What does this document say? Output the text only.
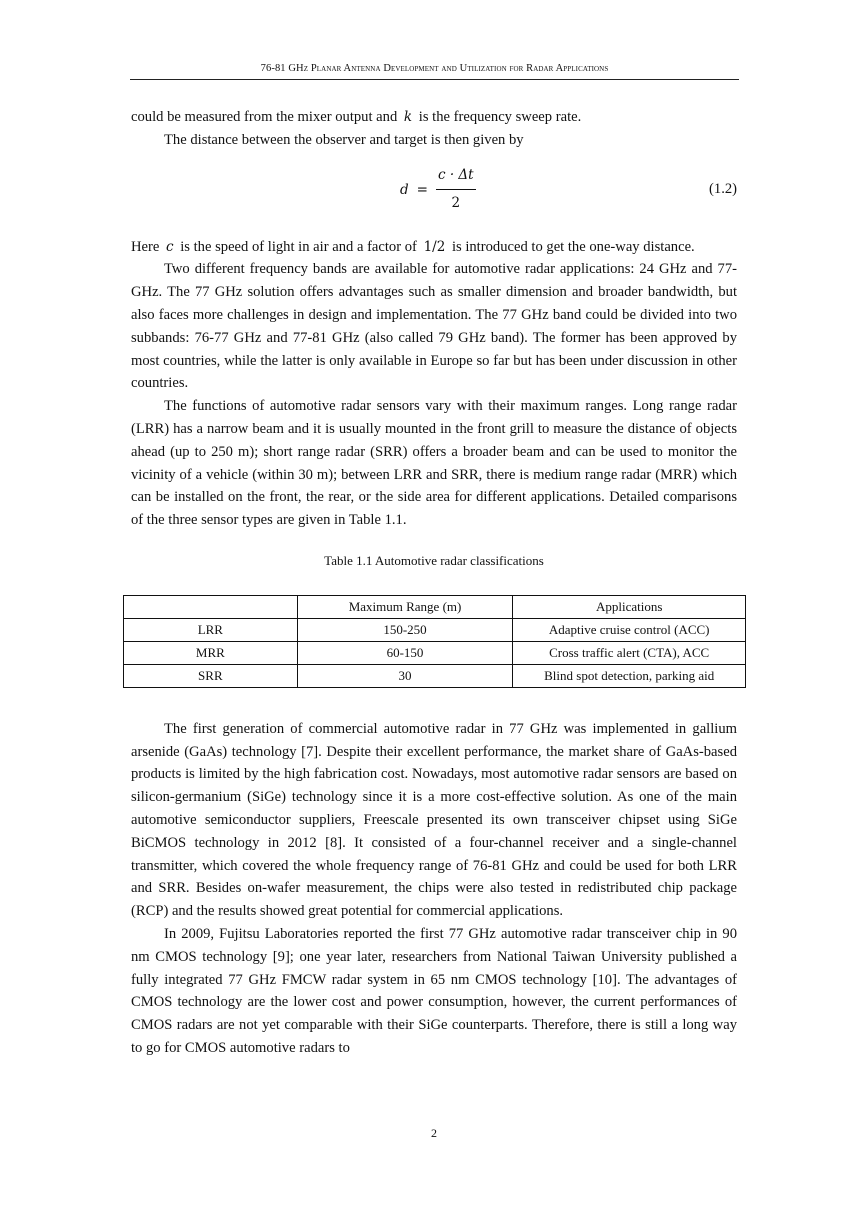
76-81 GHz Planar Antenna Development and Utilization for Radar Applications

could be measured from the mixer output and k is the frequency sweep rate.

The distance between the observer and target is then given by

$d = \frac{c \cdot \Delta t}{2}$	(1.2)

Here c is the speed of light in air and a factor of 1/2 is introduced to get the one-way distance.

Two different frequency bands are available for automotive radar applications: 24 GHz and 77- GHz. The 77 GHz solution offers advantages such as smaller dimension and broader bandwidth, but also faces more challenges in design and implementation. The 77 GHz band could be divided into two subbands: 76-77 GHz and 77-81 GHz (also called 79 GHz band). The former has been approved by most countries, while the latter is only available in Europe so far but has been under discussion in other countries.

The functions of automotive radar sensors vary with their maximum ranges. Long range radar (LRR) has a narrow beam and it is usually mounted in the front grill to measure the distance of objects ahead (up to 250 m); short range radar (SRR) offers a broader beam and can be used to monitor the vicinity of a vehicle (within 30 m); between LRR and SRR, there is medium range radar (MRR) which can be installed on the front, the rear, or the side area for different applications. Detailed comparisons of the three sensor types are given in Table 1.1.

Table 1.1 Automotive radar classifications
	Maximum Range (m)	Applications
LRR	150-250	Adaptive cruise control (ACC)
MRR	60-150	Cross traffic alert (CTA), ACC
SRR	30	Blind spot detection, parking aid

The first generation of commercial automotive radar in 77 GHz was implemented in gallium arsenide (GaAs) technology [7]. Despite their excellent performance, the market share of GaAs-based products is limited by the high fabrication cost. Nowadays, most automotive radar sensors are based on silicon-germanium (SiGe) technology since it is a more cost-effective solution. As one of the main automotive semiconductor suppliers, Freescale presented its own transceiver chipset using SiGe BiCMOS technology in 2012 [8]. It consisted of a four-channel receiver and a single-channel transmitter, which covered the whole frequency range of 76-81 GHz and could be used for both LRR and SRR. Besides on-wafer measurement, the chips were also tested in redistributed chip package (RCP) and the results showed great potential for commercial applications.

In 2009, Fujitsu Laboratories reported the first 77 GHz automotive radar transceiver chip in 90 nm CMOS technology [9]; one year later, researchers from National Taiwan University published a fully integrated 77 GHz FMCW radar system in 65 nm CMOS technology [10]. The advantages of CMOS technology are the lower cost and power consumption, however, the current performances of CMOS radars are not yet comparable with their SiGe counterparts. Therefore, there is still a long way to go for CMOS automotive radars to

2
